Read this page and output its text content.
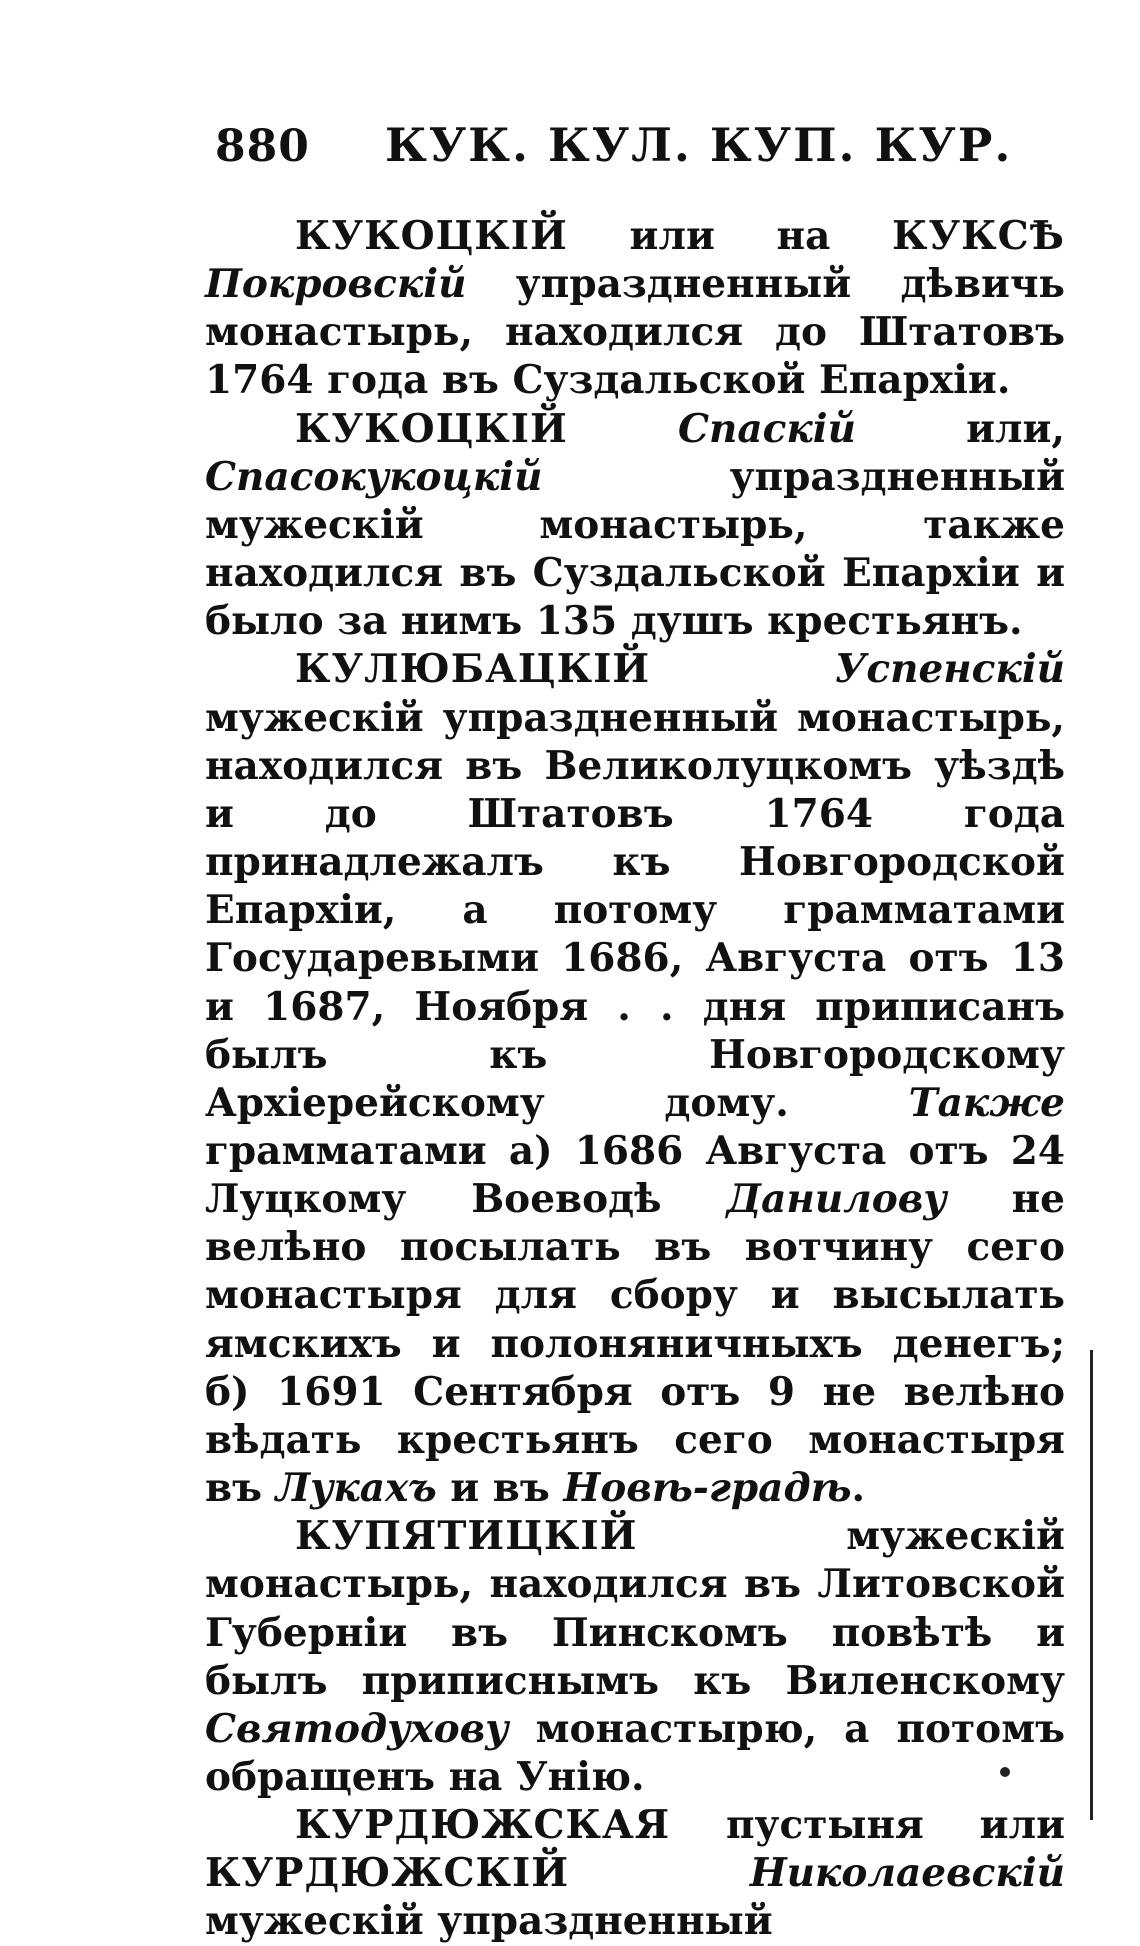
880	КУК. КУЛ. КУП. КУР.

КУКОЦКІЙ или на КУКСѢ Покровскій упраздненный дѣвичь монастырь, находился до Штатовъ 1764 года въ Суздальской Епархіи.

КУКОЦКІЙ	Спаскій или, Спасокукоцкій упраздненный мужескій монастырь, также находился въ Суздальской Епархіи и было за нимъ 135 душъ крестьянъ.

КУЛЮБАЦКІЙ	Успенскій мужескій упраздненный монастырь, находился въ Великолуцкомъ уѣздѣ и до Штатовъ 1764 года принадлежалъ къ Новгородской Епархіи, а потому грамматами Государевыми 1686, Августа отъ 13 и 1687, Ноября . . дня приписанъ былъ къ Новгородскому Архіерейскому дому. Также грамматами а) 1686 Августа отъ 24 Луцкому Воеводѣ Данилову не велѣно посылать въ вотчину сего монастыря для сбору и высылать ямскихъ и полоняничныхъ денегъ; б) 1691 Сентября отъ 9 не велѣно вѣдать крестьянъ сего монастыря въ Лукахъ и въ Новѣ-градѣ.

КУПЯТИЦКІЙ	мужескій монастырь, находился въ Литовской Губерніи въ Пинскомъ повѣтѣ и былъ приписнымъ къ Виленскому Святодухову монастырю, а потомъ обращенъ на Унію.

КУРДЮЖСКАЯ пустыня или КУРДЮЖСКІЙ	Николаевскій мужескій упраздненный
